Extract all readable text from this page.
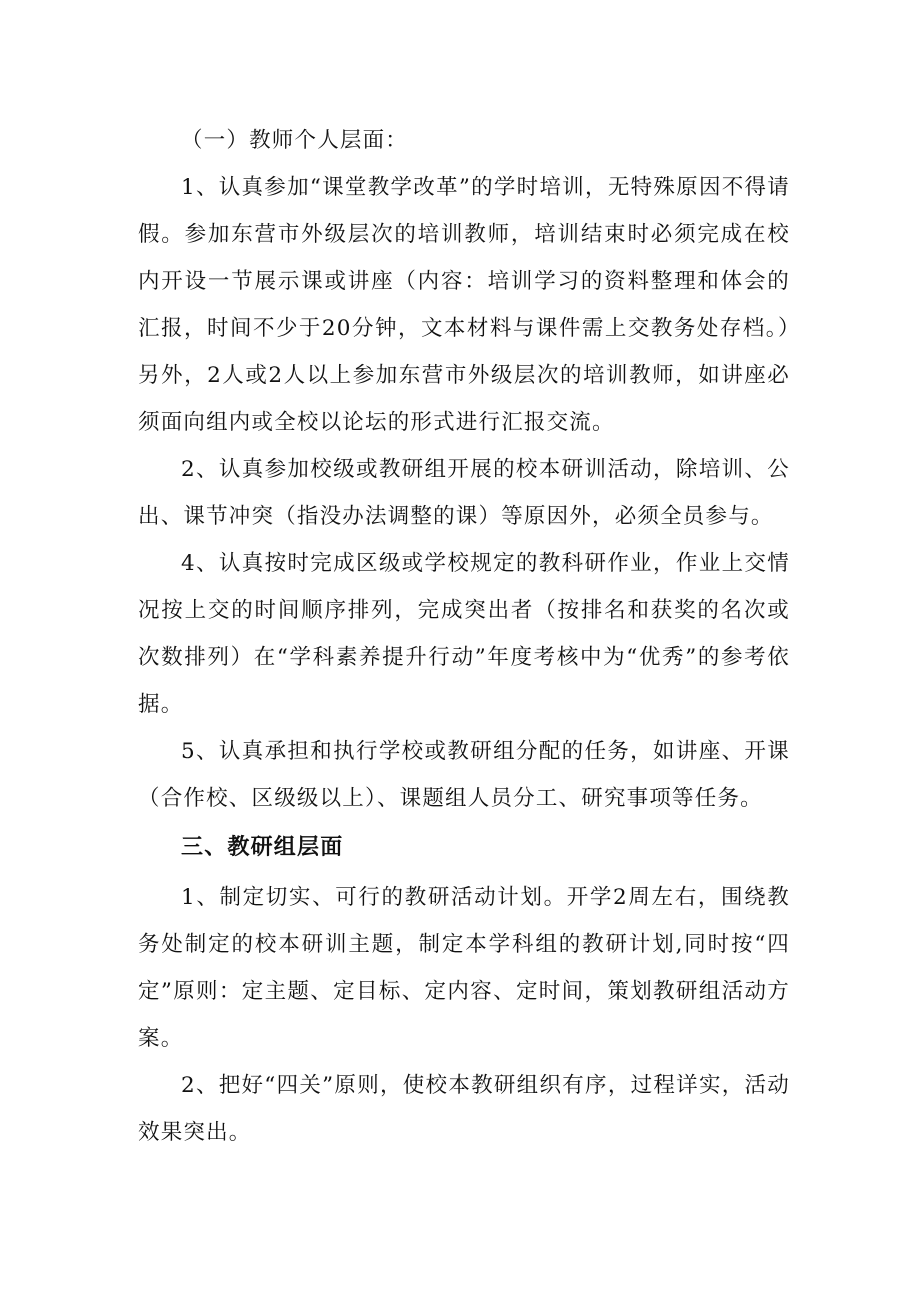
（一）教师个人层面：

1、认真参加“课堂教学改革”的学时培训，无特殊原因不得请假。参加东营市外级层次的培训教师，培训结束时必须完成在校内开设一节展示课或讲座（内容：培训学习的资料整理和体会的汇报，时间不少于20分钟，文本材料与课件需上交教务处存档。）另外，2人或2人以上参加东营市外级层次的培训教师，如讲座必须面向组内或全校以论坛的形式进行汇报交流。

2、认真参加校级或教研组开展的校本研训活动，除培训、公出、课节冲突（指没办法调整的课）等原因外，必须全员参与。

4、认真按时完成区级或学校规定的教科研作业，作业上交情况按上交的时间顺序排列，完成突出者（按排名和获奖的名次或次数排列）在“学科素养提升行动”年度考核中为“优秀”的参考依据。

5、认真承担和执行学校或教研组分配的任务，如讲座、开课（合作校、区级级以上）、课题组人员分工、研究事项等任务。

三、教研组层面

1、制定切实、可行的教研活动计划。开学2周左右，围绕教务处制定的校本研训主题，制定本学科组的教研计划,同时按“四定”原则：定主题、定目标、定内容、定时间，策划教研组活动方案。

2、把好“四关”原则，使校本教研组织有序，过程详实，活动效果突出。
